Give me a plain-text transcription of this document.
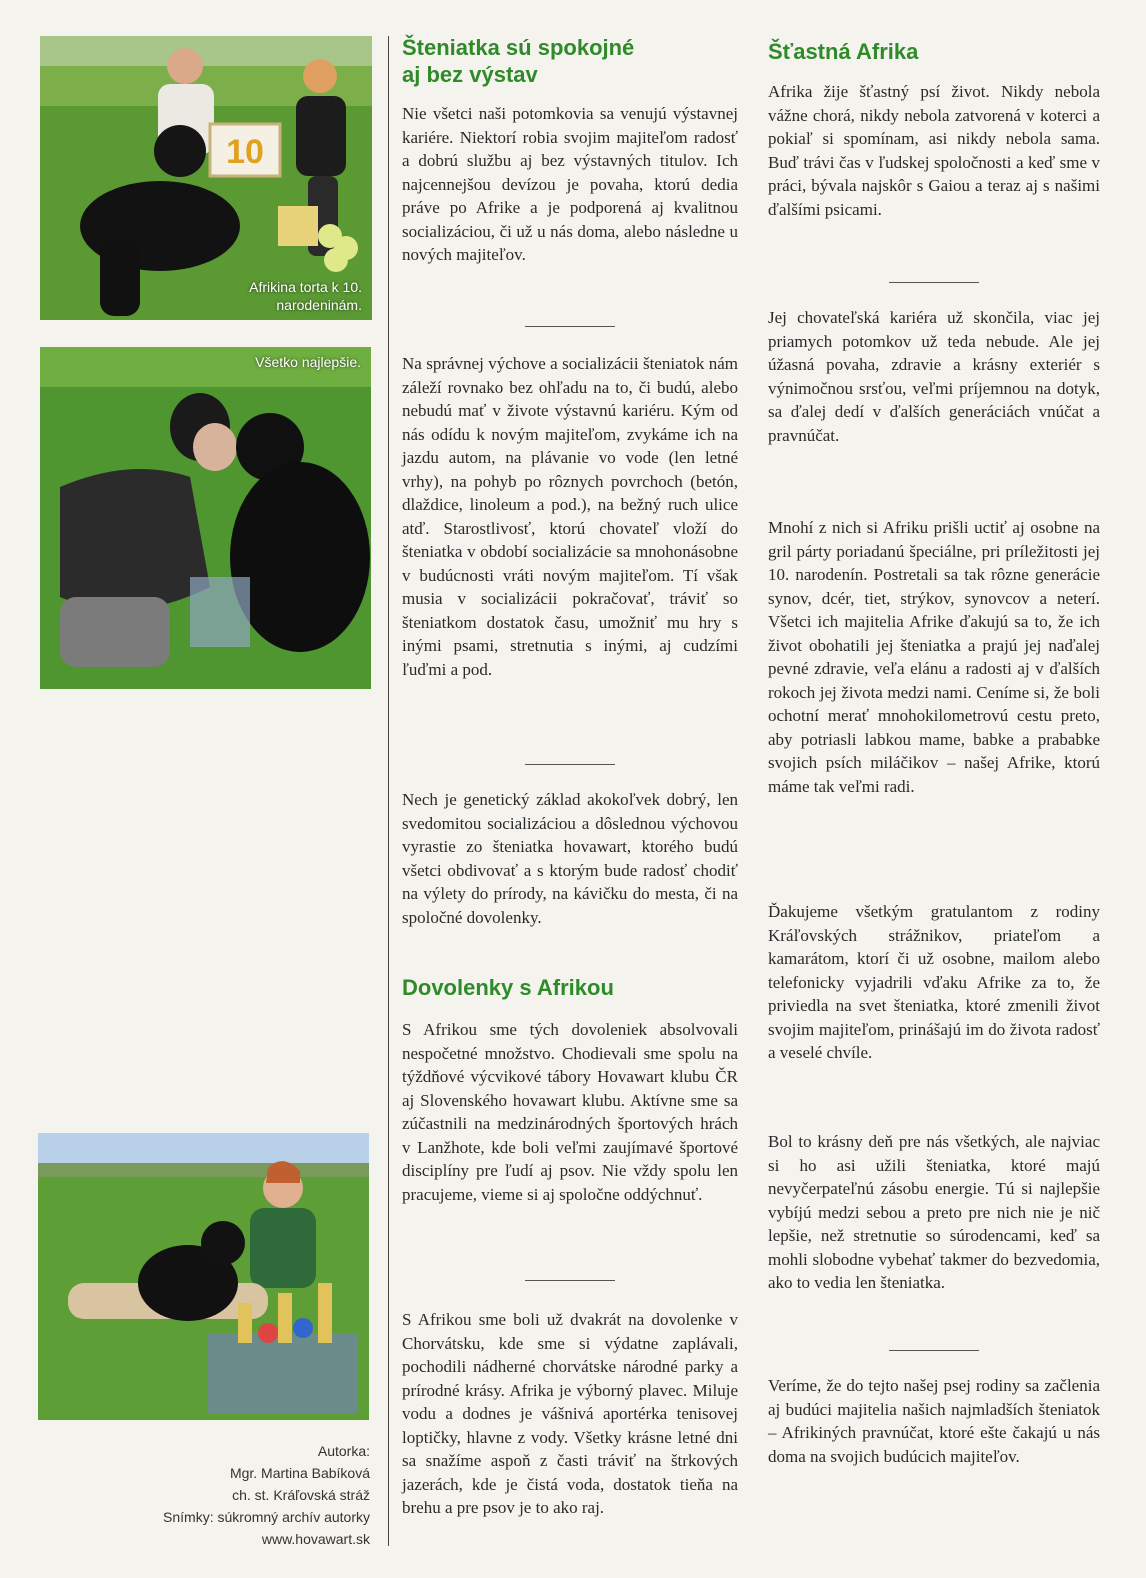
10
Afrikina torta k 10. narodeninám.
Všetko najlepšie.
Autorka:
Mgr. Martina Babíková
ch. st. Kráľovská stráž
Snímky: súkromný archív autorky
www.hovawart.sk
Šteniatka sú spokojné
aj bez výstav

Nie všetci naši potomkovia sa venujú výstavnej kariére. Niektorí robia svojim majiteľom radosť a dobrú službu aj bez výstavných titulov. Ich najcennejšou devízou je povaha, ktorú dedia práve po Afrike a je podporená aj kvalitnou socializáciou, či už u nás doma, alebo následne u nových majiteľov.

Na správnej výchove a socializácii šteniatok nám záleží rovnako bez ohľadu na to, či budú, alebo nebudú mať v živote výstavnú kariéru. Kým od nás odídu k novým majiteľom, zvykáme ich na jazdu autom, na plávanie vo vode (len letné vrhy), na pohyb po rôznych povrchoch (betón, dlaždice, linoleum a pod.), na bežný ruch ulice atď. Starostlivosť, ktorú chovateľ vloží do šteniatka v období socializácie sa mnohonásobne v budúcnosti vráti novým majiteľom. Tí však musia v socializácii pokračovať, tráviť so šteniatkom dostatok času, umožniť mu hry s inými psami, stretnutia s inými, aj cudzími ľuďmi a pod.

Nech je genetický základ akokoľvek dobrý, len svedomitou socializáciou a dôslednou výchovou vyrastie zo šteniatka hovawart, ktorého budú všetci obdivovať a s ktorým bude radosť chodiť na výlety do prírody, na kávičku do mesta, či na spoločné dovolenky.

Dovolenky s Afrikou

S Afrikou sme tých dovoleniek absolvovali nespočetné množstvo. Chodievali sme spolu na týždňové výcvikové tábory Hovawart klubu ČR aj Slovenského hovawart klubu. Aktívne sme sa zúčastnili na medzinárodných športových hrách v Lanžhote, kde boli veľmi zaujímavé športové disciplíny pre ľudí aj psov. Nie vždy spolu len pracujeme, vieme si aj spoločne oddýchnuť.

S Afrikou sme boli už dvakrát na dovolenke v Chorvátsku, kde sme si výdatne zaplávali, pochodili nádherné chorvátske národné parky a prírodné krásy. Afrika je výborný plavec. Miluje vodu a dodnes je vášnivá aportérka tenisovej loptičky, hlavne z vody. Všetky krásne letné dni sa snažíme aspoň z časti tráviť na štrkových jazerách, kde je čistá voda, dostatok tieňa na brehu a pre psov je to ako raj.

Šťastná Afrika

Afrika žije šťastný psí život. Nikdy nebola vážne chorá, nikdy nebola zatvorená v koterci a pokiaľ si spomínam, asi nikdy nebola sama. Buď trávi čas v ľudskej spoločnosti a keď sme v práci, bývala najskôr s Gaiou a teraz aj s našimi ďalšími psicami.

Jej chovateľská kariéra už skončila, viac jej priamych potomkov už teda nebude. Ale jej úžasná povaha, zdravie a krásny exteriér s výnimočnou srsťou, veľmi príjemnou na dotyk, sa ďalej dedí v ďalších generáciách vnúčat a pravnúčat.

Mnohí z nich si Afriku prišli uctiť aj osobne na gril párty poriadanú špeciálne, pri príležitosti jej 10. narodenín. Postretali sa tak rôzne generácie synov, dcér, tiet, strýkov, synovcov a neterí. Všetci ich majitelia Afrike ďakujú sa to, že ich život obohatili jej šteniatka a prajú jej naďalej pevné zdravie, veľa elánu a radosti aj v ďalších rokoch jej života medzi nami. Ceníme si, že boli ochotní merať mnohokilometrovú cestu preto, aby potriasli labkou mame, babke a prababke svojich psích miláčikov – našej Afrike, ktorú máme tak veľmi radi.

Ďakujeme všetkým gratulantom z rodiny Kráľovských strážnikov, priateľom a kamarátom, ktorí či už osobne, mailom alebo telefonicky vyjadrili vďaku Afrike za to, že priviedla na svet šteniatka, ktoré zmenili život svojim majiteľom, prinášajú im do života radosť a veselé chvíle.

Bol to krásny deň pre nás všetkých, ale najviac si ho asi užili šteniatka, ktoré majú nevyčerpateľnú zásobu energie. Tú si najlepšie vybíjú medzi sebou a preto pre nich nie je nič lepšie, než stretnutie so súrodencami, keď sa mohli slobodne vybehať takmer do bezvedomia, ako to vedia len šteniatka.

Veríme, že do tejto našej psej rodiny sa začlenia aj budúci majitelia našich najmladších šteniatok – Afrikiných pravnúčat, ktoré ešte čakajú u nás doma na svojich budúcich majiteľov.
